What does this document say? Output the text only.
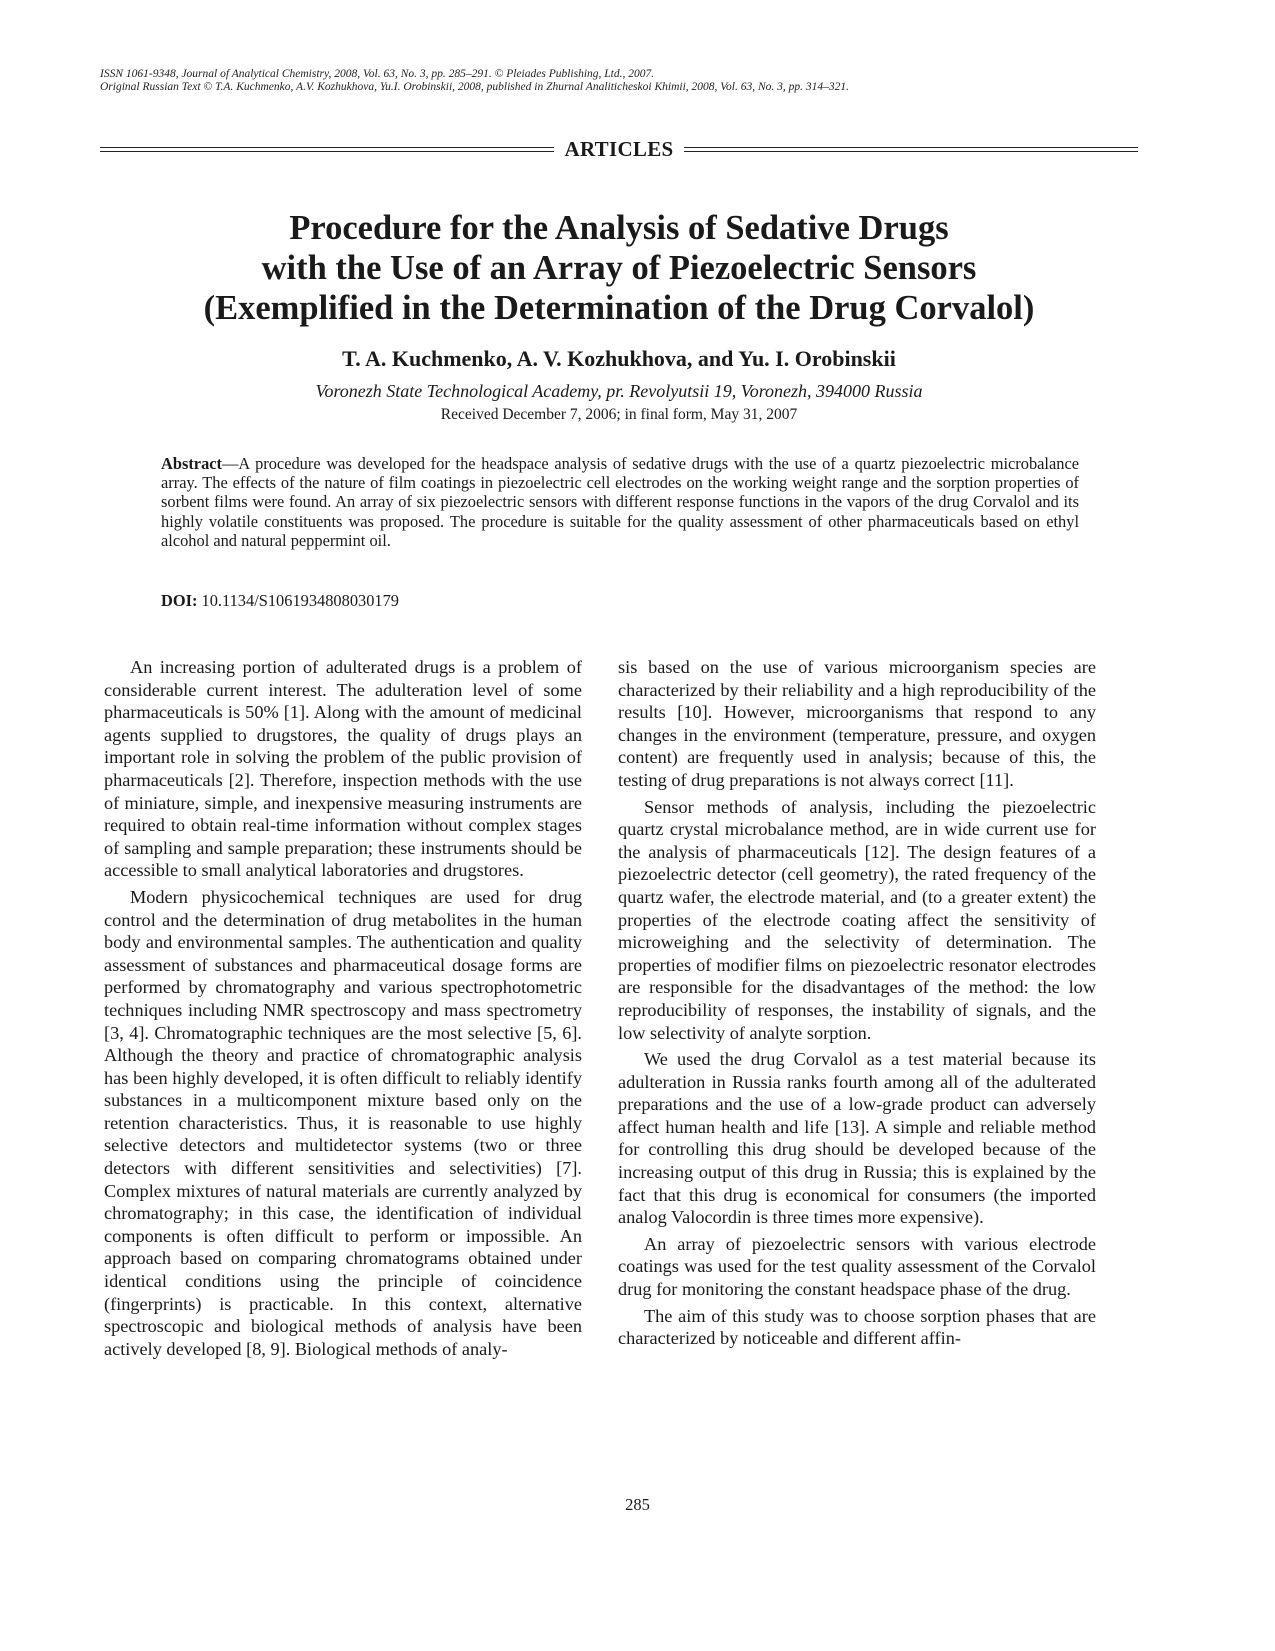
ISSN 1061-9348, Journal of Analytical Chemistry, 2008, Vol. 63, No. 3, pp. 285–291. © Pleiades Publishing, Ltd., 2007.
Original Russian Text © T.A. Kuchmenko, A.V. Kozhukhova, Yu.I. Orobinskii, 2008, published in Zhurnal Analiticheskoi Khimii, 2008, Vol. 63, No. 3, pp. 314–321.
ARTICLES
Procedure for the Analysis of Sedative Drugs
with the Use of an Array of Piezoelectric Sensors
(Exemplified in the Determination of the Drug Corvalol)
T. A. Kuchmenko, A. V. Kozhukhova, and Yu. I. Orobinskii
Voronezh State Technological Academy, pr. Revolyutsii 19, Voronezh, 394000 Russia
Received December 7, 2006; in final form, May 31, 2007
Abstract—A procedure was developed for the headspace analysis of sedative drugs with the use of a quartz piezoelectric microbalance array. The effects of the nature of film coatings in piezoelectric cell electrodes on the working weight range and the sorption properties of sorbent films were found. An array of six piezoelectric sensors with different response functions in the vapors of the drug Corvalol and its highly volatile constituents was proposed. The procedure is suitable for the quality assessment of other pharmaceuticals based on ethyl alcohol and natural peppermint oil.
DOI: 10.1134/S1061934808030179

An increasing portion of adulterated drugs is a problem of considerable current interest. The adulteration level of some pharmaceuticals is 50% [1]. Along with the amount of medicinal agents supplied to drugstores, the quality of drugs plays an important role in solving the problem of the public provision of pharmaceuticals [2]. Therefore, inspection methods with the use of miniature, simple, and inexpensive measuring instruments are required to obtain real-time information without complex stages of sampling and sample preparation; these instruments should be accessible to small analytical laboratories and drugstores.

Modern physicochemical techniques are used for drug control and the determination of drug metabolites in the human body and environmental samples. The authentication and quality assessment of substances and pharmaceutical dosage forms are performed by chromatography and various spectrophotometric techniques including NMR spectroscopy and mass spectrometry [3, 4]. Chromatographic techniques are the most selective [5, 6]. Although the theory and practice of chromatographic analysis has been highly developed, it is often difficult to reliably identify substances in a multicomponent mixture based only on the retention characteristics. Thus, it is reasonable to use highly selective detectors and multidetector systems (two or three detectors with different sensitivities and selectivities) [7]. Complex mixtures of natural materials are currently analyzed by chromatography; in this case, the identification of individual components is often difficult to perform or impossible. An approach based on comparing chromatograms obtained under identical conditions using the principle of coincidence (fingerprints) is practicable. In this context, alternative spectroscopic and biological methods of analysis have been actively developed [8, 9]. Biological methods of analy-

sis based on the use of various microorganism species are characterized by their reliability and a high reproducibility of the results [10]. However, microorganisms that respond to any changes in the environment (temperature, pressure, and oxygen content) are frequently used in analysis; because of this, the testing of drug preparations is not always correct [11].

Sensor methods of analysis, including the piezoelectric quartz crystal microbalance method, are in wide current use for the analysis of pharmaceuticals [12]. The design features of a piezoelectric detector (cell geometry), the rated frequency of the quartz wafer, the electrode material, and (to a greater extent) the properties of the electrode coating affect the sensitivity of microweighing and the selectivity of determination. The properties of modifier films on piezoelectric resonator electrodes are responsible for the disadvantages of the method: the low reproducibility of responses, the instability of signals, and the low selectivity of analyte sorption.

We used the drug Corvalol as a test material because its adulteration in Russia ranks fourth among all of the adulterated preparations and the use of a low-grade product can adversely affect human health and life [13]. A simple and reliable method for controlling this drug should be developed because of the increasing output of this drug in Russia; this is explained by the fact that this drug is economical for consumers (the imported analog Valocordin is three times more expensive).

An array of piezoelectric sensors with various electrode coatings was used for the test quality assessment of the Corvalol drug for monitoring the constant headspace phase of the drug.

The aim of this study was to choose sorption phases that are characterized by noticeable and different affin-

285
